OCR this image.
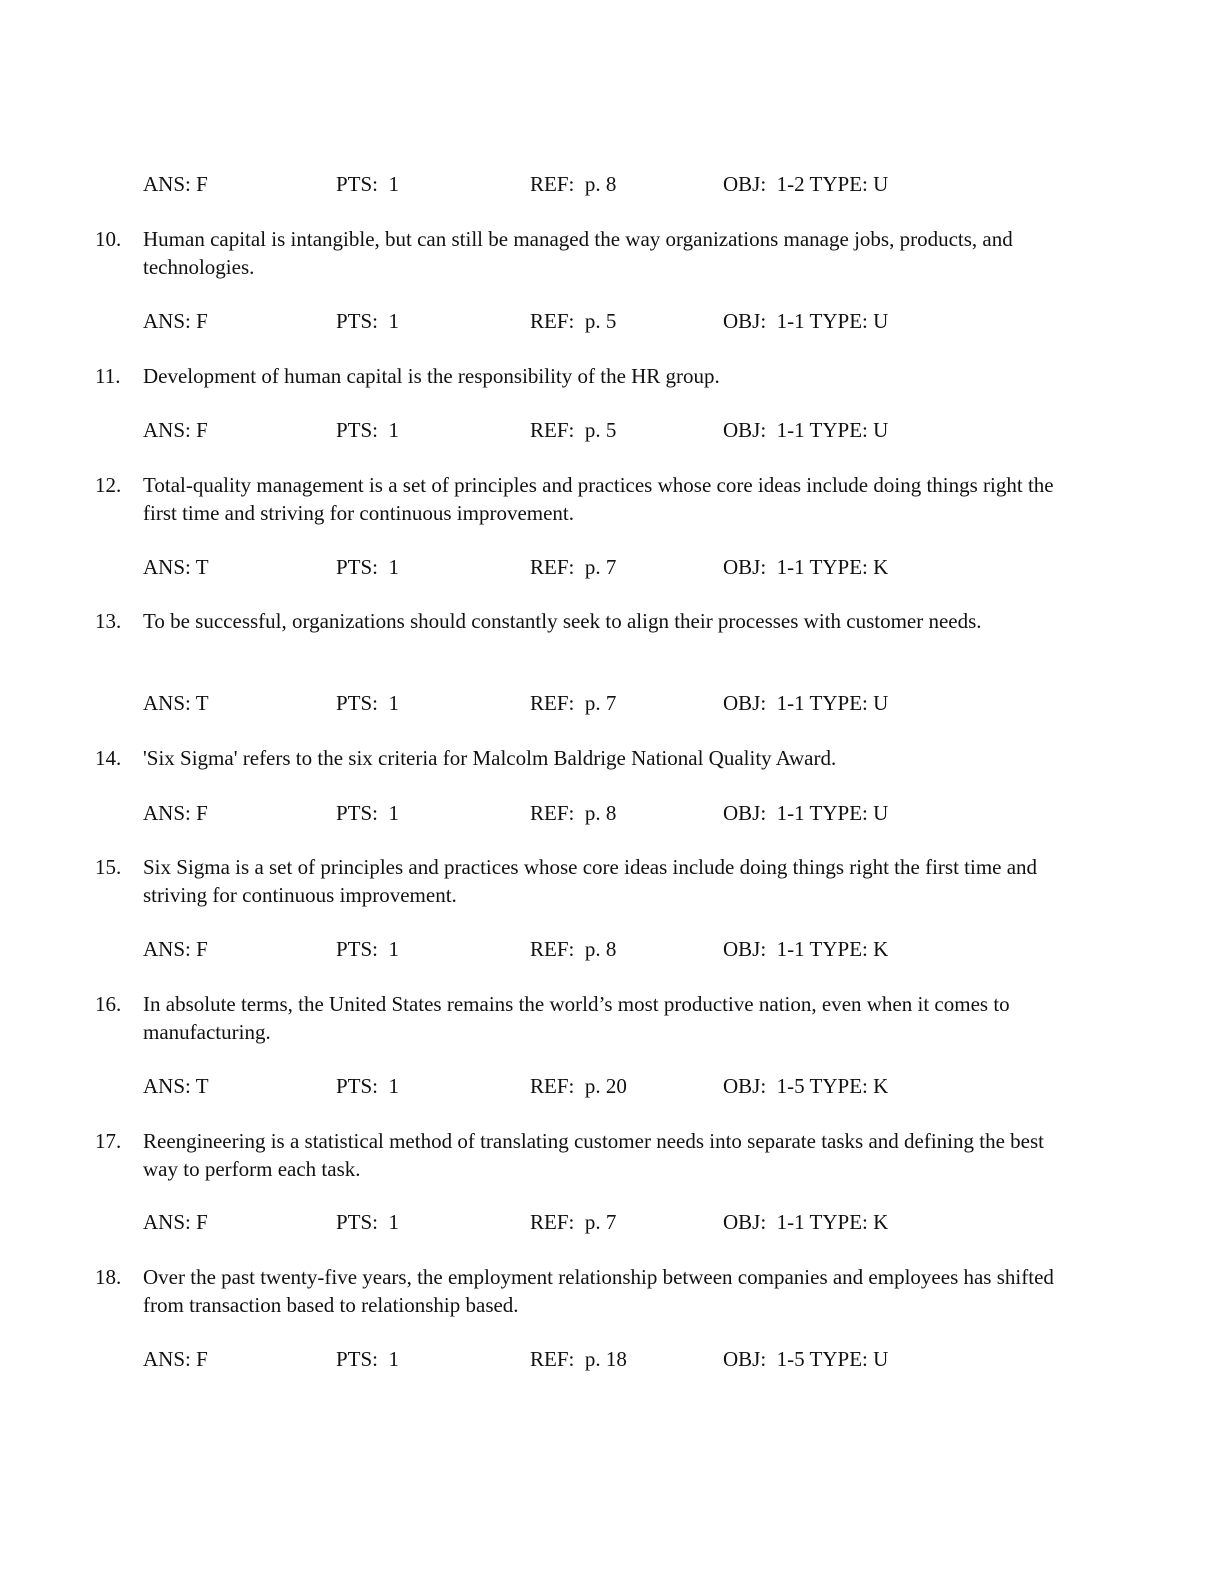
ANS: F	PTS:  1	REF:  p. 8	OBJ:  1-2 TYPE: U
10. Human capital is intangible, but can still be managed the way organizations manage jobs, products, and technologies.
ANS: F	PTS:  1	REF:  p. 5	OBJ:  1-1 TYPE: U
11. Development of human capital is the responsibility of the HR group.
ANS: F	PTS:  1	REF:  p. 5	OBJ:  1-1 TYPE: U
12. Total-quality management is a set of principles and practices whose core ideas include doing things right the first time and striving for continuous improvement.
ANS: T	PTS:  1	REF:  p. 7	OBJ:  1-1 TYPE: K
13. To be successful, organizations should constantly seek to align their processes with customer needs.
ANS: T	PTS:  1	REF:  p. 7	OBJ:  1-1 TYPE: U
14. 'Six Sigma' refers to the six criteria for Malcolm Baldrige National Quality Award.
ANS: F	PTS:  1	REF:  p. 8	OBJ:  1-1 TYPE: U
15. Six Sigma is a set of principles and practices whose core ideas include doing things right the first time and striving for continuous improvement.
ANS: F	PTS:  1	REF:  p. 8	OBJ:  1-1 TYPE: K
16. In absolute terms, the United States remains the world’s most productive nation, even when it comes to manufacturing.
ANS: T	PTS:  1	REF:  p. 20	OBJ:  1-5 TYPE: K
17. Reengineering is a statistical method of translating customer needs into separate tasks and defining the best way to perform each task.
ANS: F	PTS:  1	REF:  p. 7	OBJ:  1-1 TYPE: K
18. Over the past twenty-five years, the employment relationship between companies and employees has shifted from transaction based to relationship based.
ANS: F	PTS:  1	REF:  p. 18	OBJ:  1-5 TYPE: U
